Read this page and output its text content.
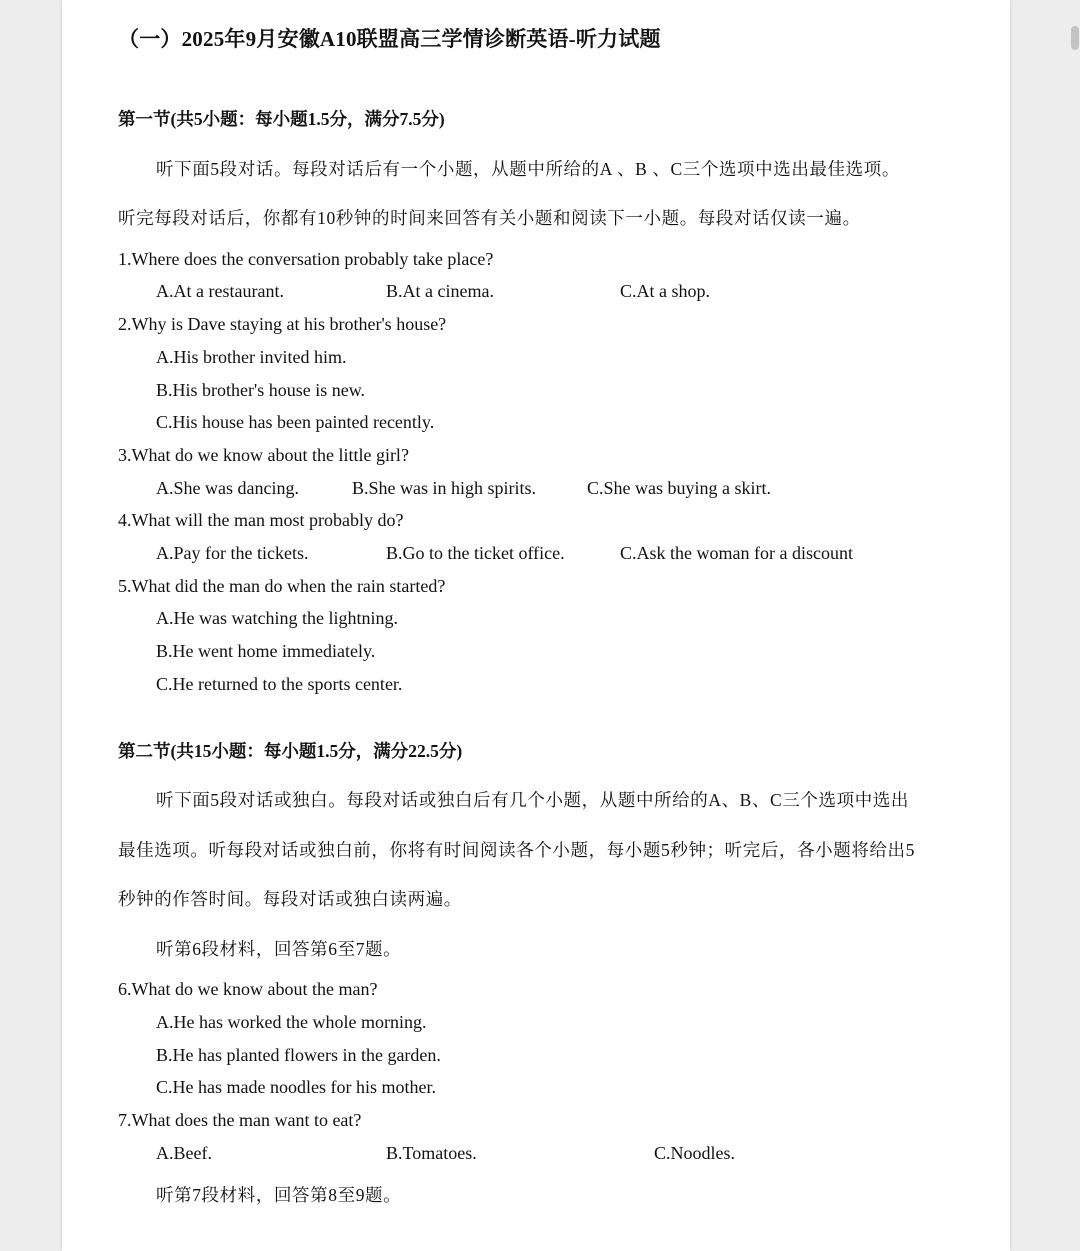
（一）2025年9月安徽A10联盟高三学情诊断英语-听力试题
第一节(共5小题：每小题1.5分，满分7.5分)
听下面5段对话。每段对话后有一个小题，从题中所给的A 、B 、C三个选项中选出最佳选项。
听完每段对话后，你都有10秒钟的时间来回答有关小题和阅读下一小题。每段对话仅读一遍。
1.Where does the conversation probably take place?
A.At a restaurant.	B.At a cinema.	C.At a shop.
2.Why is Dave staying at his brother's house?
A.His brother invited him.
B.His brother's house is new.
C.His house has been painted recently.
3.What do we know about the little girl?
A.She was dancing.	B.She was in high spirits.	C.She was buying a skirt.
4.What will the man most probably do?
A.Pay for the tickets.	B.Go to the ticket office.	C.Ask the woman for a discount
5.What did the man do when the rain started?
A.He was watching the lightning.
B.He went home immediately.
C.He returned to the sports center.
第二节(共15小题：每小题1.5分，满分22.5分)
听下面5段对话或独白。每段对话或独白后有几个小题，从题中所给的A、B、C三个选项中选出
最佳选项。听每段对话或独白前，你将有时间阅读各个小题，每小题5秒钟；听完后，各小题将给出5
秒钟的作答时间。每段对话或独白读两遍。
听第6段材料，回答第6至7题。
6.What do we know about the man?
A.He has worked the whole morning.
B.He has planted flowers in the garden.
C.He has made noodles for his mother.
7.What does the man want to eat?
A.Beef.	B.Tomatoes.	C.Noodles.
听第7段材料，回答第8至9题。
